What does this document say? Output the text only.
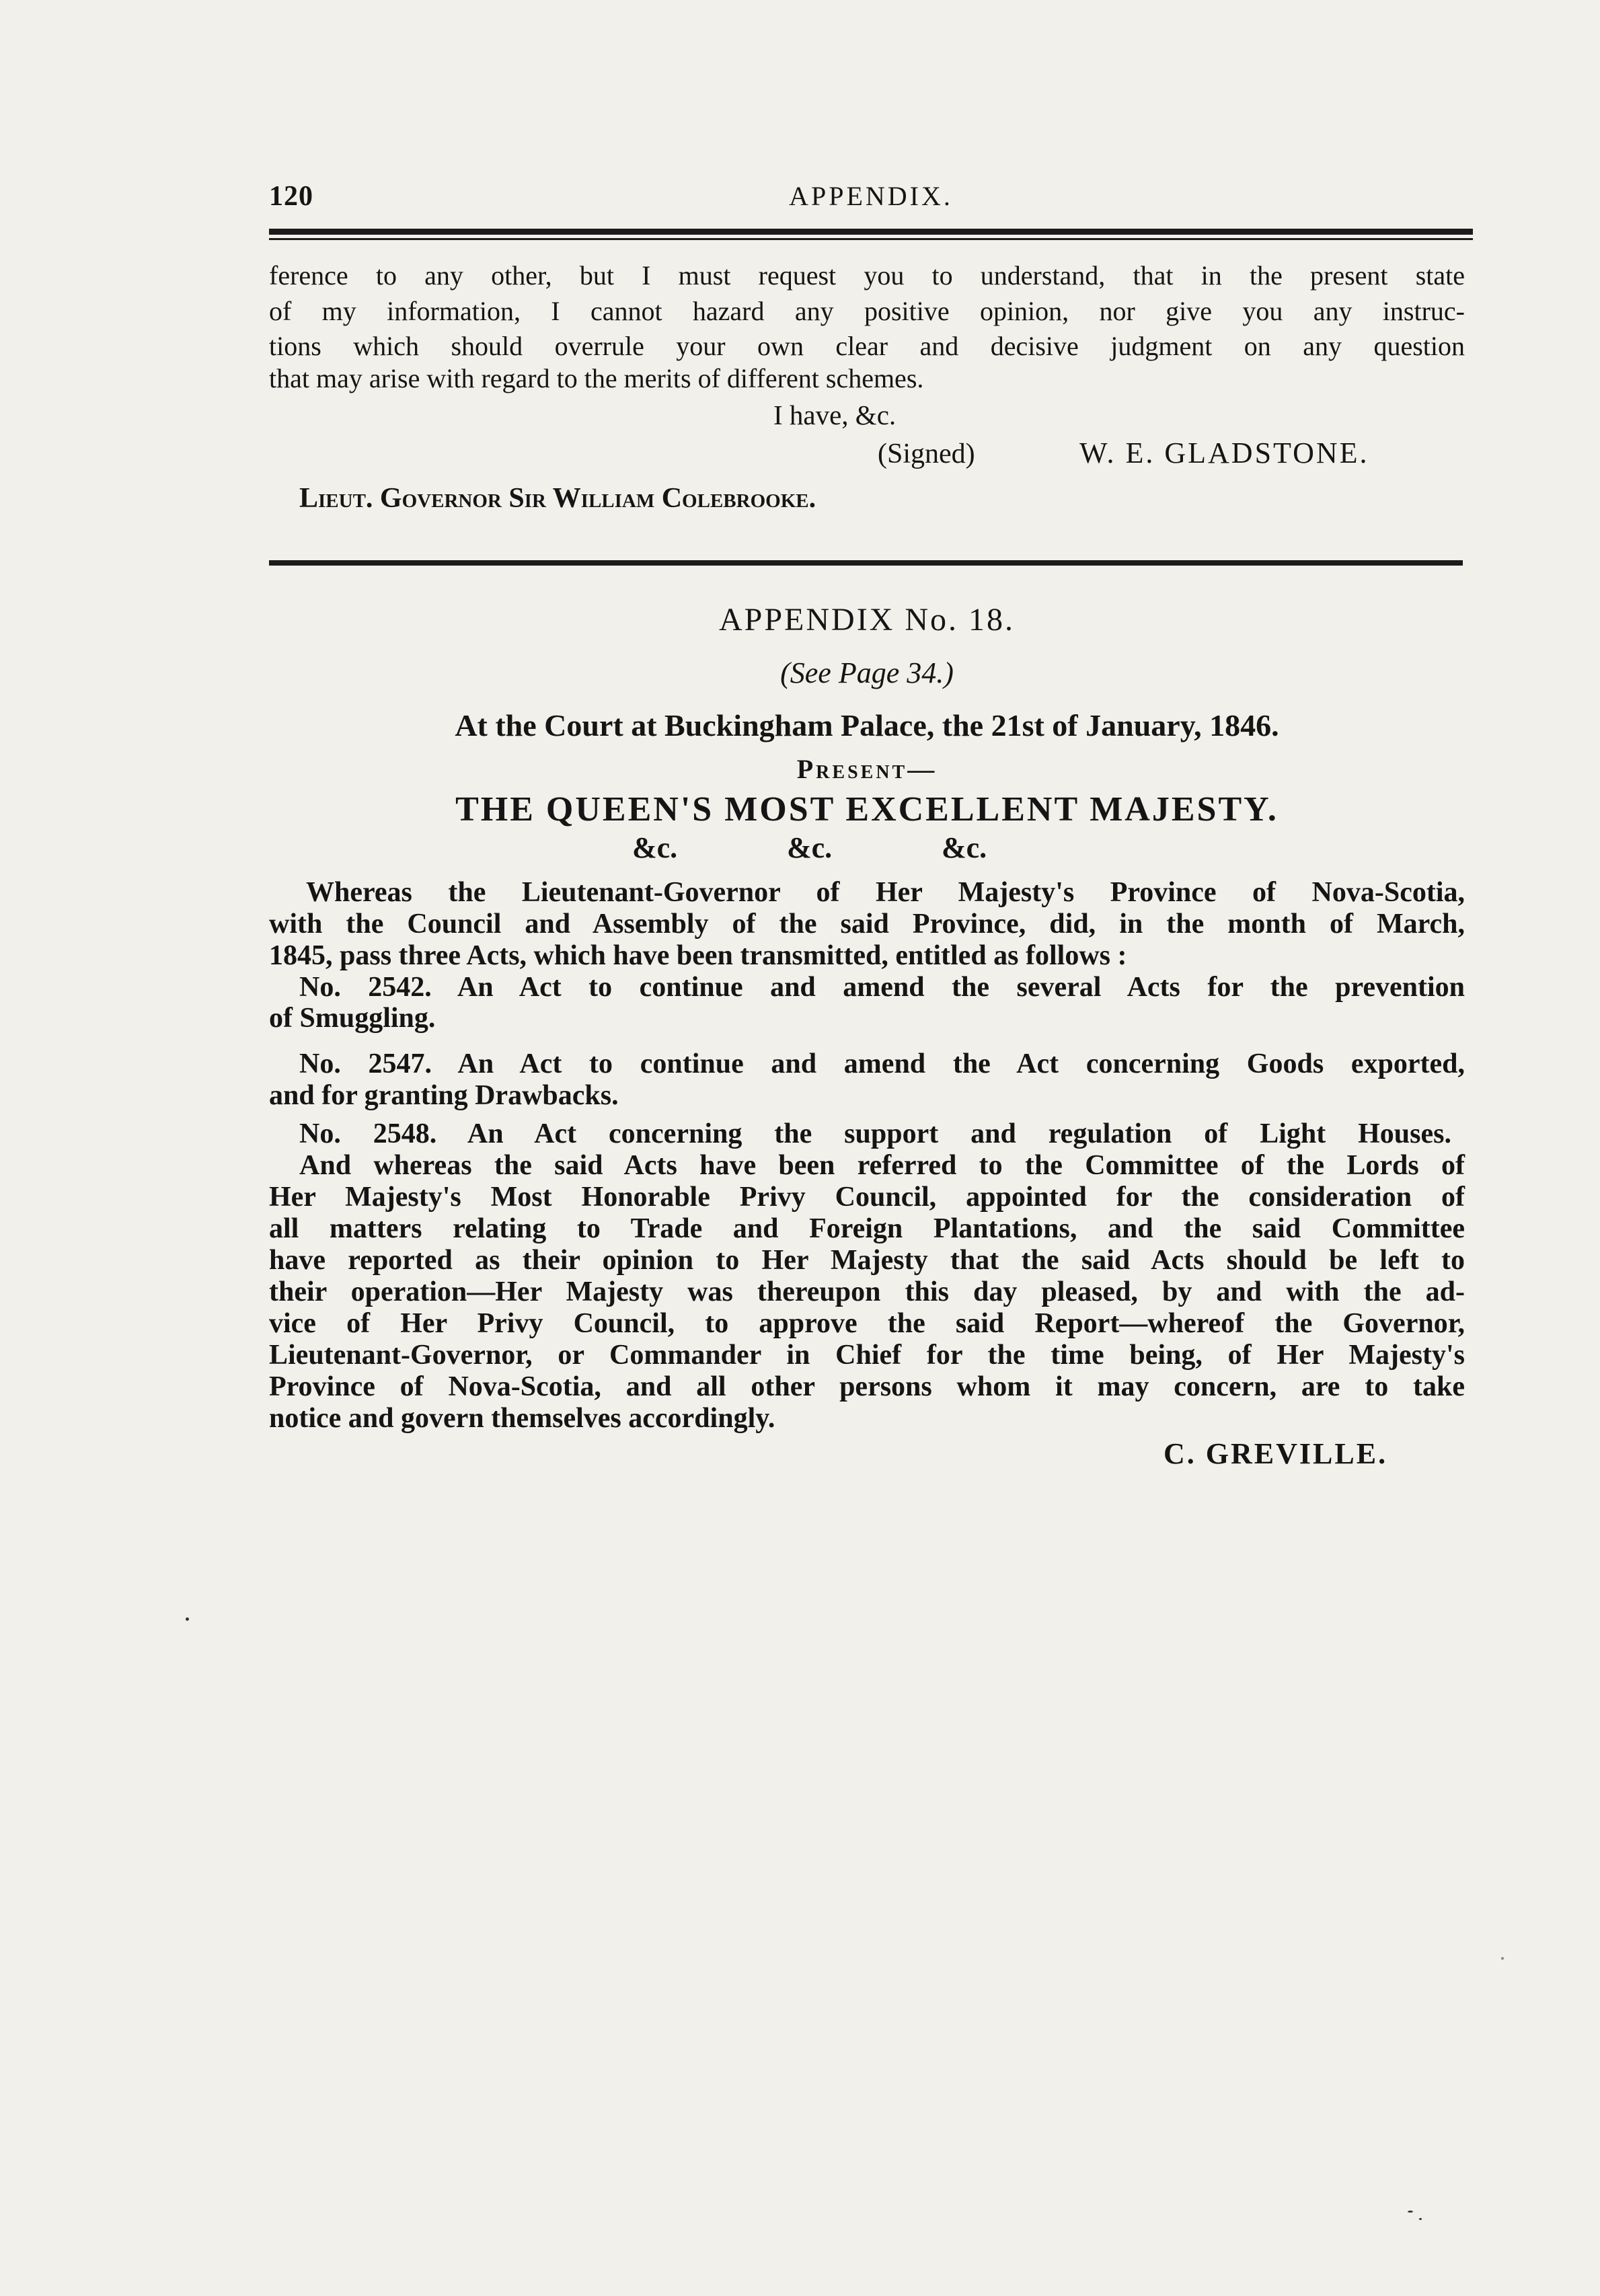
120	APPENDIX.
ference to any other, but I must request you to understand, that in the present state
of my information, I cannot hazard any positive opinion, nor give you any instruc-
tions which should overrule your own clear and decisive judgment on any question
that may arise with regard to the merits of different schemes.
I have, &c.
(Signed)	W. E. GLADSTONE.
Lieut. Governor Sir William Colebrooke.
APPENDIX No. 18.
(See Page 34.)
At the Court at Buckingham Palace, the 21st of January, 1846.
Present—
THE QUEEN'S MOST EXCELLENT MAJESTY.
&c.	&c.	&c.
Whereas the Lieutenant-Governor of Her Majesty's Province of Nova-Scotia,
with the Council and Assembly of the said Province, did, in the month of March,
1845, pass three Acts, which have been transmitted, entitled as follows :
No. 2542. An Act to continue and amend the several Acts for the prevention
of Smuggling.
No. 2547. An Act to continue and amend the Act concerning Goods exported,
and for granting Drawbacks.
No. 2548. An Act concerning the support and regulation of Light Houses.
And whereas the said Acts have been referred to the Committee of the Lords of
Her Majesty's Most Honorable Privy Council, appointed for the consideration of
all matters relating to Trade and Foreign Plantations, and the said Committee
have reported as their opinion to Her Majesty that the said Acts should be left to
their operation—Her Majesty was thereupon this day pleased, by and with the ad-
vice of Her Privy Council, to approve the said Report—whereof the Governor,
Lieutenant-Governor, or Commander in Chief for the time being, of Her Majesty's
Province of Nova-Scotia, and all other persons whom it may concern, are to take
notice and govern themselves accordingly.
C. GREVILLE.
